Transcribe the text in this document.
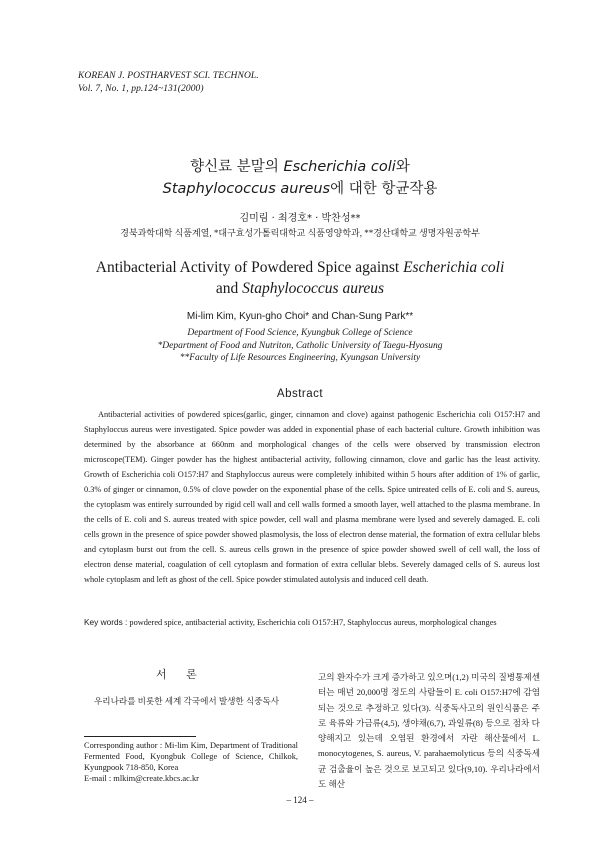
KOREAN J. POSTHARVEST SCI. TECHNOL.
Vol. 7, No. 1, pp.124~131(2000)
향신료 분말의 Escherichia coli와
Staphylococcus aureus에 대한 항균작용
김미림 · 최경호* · 박찬성**
경북과학대학 식품계열, *대구효성가톨릭대학교 식품영양학과, **경산대학교 생명자원공학부
Antibacterial Activity of Powdered Spice against Escherichia coli
and Staphylococcus aureus
Mi-lim Kim, Kyun-gho Choi* and Chan-Sung Park**
Department of Food Science, Kyungbuk College of Science
*Department of Food and Nutriton, Catholic University of Taegu-Hyosung
**Faculty of Life Resources Engineering, Kyungsan University
Abstract

Antibacterial activities of powdered spices(garlic, ginger, cinnamon and clove) against pathogenic Escherichia coli O157:H7 and Staphyloccus aureus were investigated. Spice powder was added in exponential phase of each bacterial culture. Growth inhibition was determined by the absorbance at 660nm and morphological changes of the cells were observed by transmission electron microscope(TEM). Ginger powder has the highest antibacterial activity, following cinnamon, clove and garlic has the least activity. Growth of Escherichia coli O157:H7 and Staphyloccus aureus were completely inhibited within 5 hours after addition of 1% of garlic, 0.3% of ginger or cinnamon, 0.5% of clove powder on the exponential phase of the cells. Spice untreated cells of E. coli and S. aureus, the cytoplasm was entirely surrounded by rigid cell wall and cell walls formed a smooth layer, well attached to the plasma membrane. In the cells of E. coli and S. aureus treated with spice powder, cell wall and plasma membrane were lysed and severely damaged. E. coli cells grown in the presence of spice powder showed plasmolysis, the loss of electron dense material, the formation of extra cellular blebs and cytoplasm burst out from the cell. S. aureus cells grown in the presence of spice powder showed swell of cell wall, the loss of electron dense material, coagulation of cell cytoplasm and formation of extra cellular blebs. Severely damaged cells of S. aureus lost whole cytoplasm and left as ghost of the cell. Spice powder stimulated autolysis and induced cell death.

Key words : powdered spice, antibacterial activity, Escherichia coli O157:H7, Staphyloccus aureus, morphological changes
서 론

우리나라를 비롯한 세계 각국에서 발생한 식중독사

Corresponding author : Mi-lim Kim, Department of Traditional Fermented Food, Kyongbuk College of Science, Chilkok, Kyungpook 718-850, Korea
E-mail : mlkim@create.kbcs.ac.kr

고의 환자수가 크게 증가하고 있으며(1,2) 미국의 질병통제센터는 매년 20,000명 정도의 사람들이 E. coli O157:H7에 감염되는 것으로 추정하고 있다(3). 식중독사고의 원인식품은 주로 육류와 가금류(4,5), 생야채(6,7), 과일류(8) 등으로 점차 다양해지고 있는데 오염된 환경에서 자란 해산물에서 L. monocytogenes, S. aureus, V. parahaemolyticus 등의 식중독세균 검출율이 높은 것으로 보고되고 있다(9,10). 우리나라에서도 해산

– 124 –
